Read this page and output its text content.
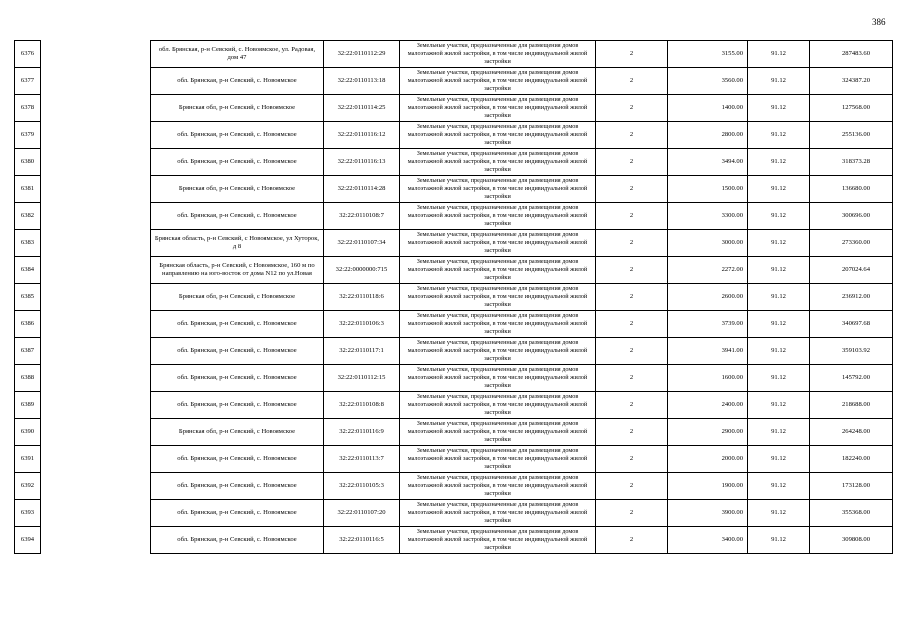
386
6376		обл. Брянская, р-н Севский, с. Новоямское, ул. Радовая, дом 47	32:22:0110112:29	Земельные участки, предназначенные для размещения домов малоэтажной жилой застройки, в том числе индивидуальной жилой застройки	2	3155.00	91.12	287483.60
6377		обл. Брянская, р-н Севский, с. Новоямское	32:22:0110113:18	Земельные участки, предназначенные для размещения домов малоэтажной жилой застройки, в том числе индивидуальной жилой застройки	2	3560.00	91.12	324387.20
6378		Брянская обл, р-н Севский, с Новоямское	32:22:0110114:25	Земельные участки, предназначенные для размещения домов малоэтажной жилой застройки, в том числе индивидуальной жилой застройки	2	1400.00	91.12	127568.00
6379		обл. Брянская, р-н Севский, с. Новоямское	32:22:0110116:12	Земельные участки, предназначенные для размещения домов малоэтажной жилой застройки, в том числе индивидуальной жилой застройки	2	2800.00	91.12	255136.00
6380		обл. Брянская, р-н Севский, с. Новоямское	32:22:0110116:13	Земельные участки, предназначенные для размещения домов малоэтажной жилой застройки, в том числе индивидуальной жилой застройки	2	3494.00	91.12	318373.28
6381		Брянская обл, р-н Севский, с Новоямское	32:22:0110114:28	Земельные участки, предназначенные для размещения домов малоэтажной жилой застройки, в том числе индивидуальной жилой застройки	2	1500.00	91.12	136680.00
6382		обл. Брянская, р-н Севский, с. Новоямское	32:22:0110108:7	Земельные участки, предназначенные для размещения домов малоэтажной жилой застройки, в том числе индивидуальной жилой застройки	2	3300.00	91.12	300696.00
6383		Брянская область, р-н Севский, с Новоямское, ул Хуторок, д 8	32:22:0110107:34	Земельные участки, предназначенные для размещения домов малоэтажной жилой застройки, в том числе индивидуальной жилой застройки	2	3000.00	91.12	273360.00
6384		Брянская область, р-н Севский, с Новоямское, 160 м по направлению на юго-восток от дома N12 по ул.Новая	32:22:0000000:715	Земельные участки, предназначенные для размещения домов малоэтажной жилой застройки, в том числе индивидуальной жилой застройки	2	2272.00	91.12	207024.64
6385		Брянская обл, р-н Севский, с Новоямское	32:22:0110118:6	Земельные участки, предназначенные для размещения домов малоэтажной жилой застройки, в том числе индивидуальной жилой застройки	2	2600.00	91.12	236912.00
6386		обл. Брянская, р-н Севский, с. Новоямское	32:22:0110106:3	Земельные участки, предназначенные для размещения домов малоэтажной жилой застройки, в том числе индивидуальной жилой застройки	2	3739.00	91.12	340697.68
6387		обл. Брянская, р-н Севский, с. Новоямское	32:22:0110117:1	Земельные участки, предназначенные для размещения домов малоэтажной жилой застройки, в том числе индивидуальной жилой застройки	2	3941.00	91.12	359103.92
6388		обл. Брянская, р-н Севский, с. Новоямское	32:22:0110112:15	Земельные участки, предназначенные для размещения домов малоэтажной жилой застройки, в том числе индивидуальной жилой застройки	2	1600.00	91.12	145792.00
6389		обл. Брянская, р-н Севский, с. Новоямское	32:22:0110108:8	Земельные участки, предназначенные для размещения домов малоэтажной жилой застройки, в том числе индивидуальной жилой застройки	2	2400.00	91.12	218688.00
6390		Брянская обл, р-н Севский, с Новоямское	32:22:0110116:9	Земельные участки, предназначенные для размещения домов малоэтажной жилой застройки, в том числе индивидуальной жилой застройки	2	2900.00	91.12	264248.00
6391		обл. Брянская, р-н Севский, с. Новоямское	32:22:0110113:7	Земельные участки, предназначенные для размещения домов малоэтажной жилой застройки, в том числе индивидуальной жилой застройки	2	2000.00	91.12	182240.00
6392		обл. Брянская, р-н Севский, с. Новоямское	32:22:0110105:3	Земельные участки, предназначенные для размещения домов малоэтажной жилой застройки, в том числе индивидуальной жилой застройки	2	1900.00	91.12	173128.00
6393		обл. Брянская, р-н Севский, с. Новоямское	32:22:0110107:20	Земельные участки, предназначенные для размещения домов малоэтажной жилой застройки, в том числе индивидуальной жилой застройки	2	3900.00	91.12	355368.00
6394		обл. Брянская, р-н Севский, с. Новоямское	32:22:0110116:5	Земельные участки, предназначенные для размещения домов малоэтажной жилой застройки, в том числе индивидуальной жилой застройки	2	3400.00	91.12	309808.00
